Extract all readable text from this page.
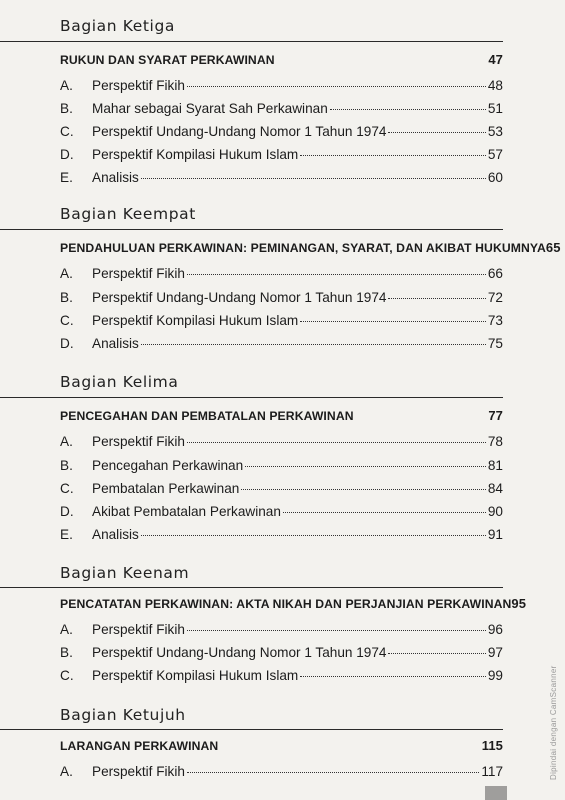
Bagian Ketiga
RUKUN DAN SYARAT PERKAWINAN	47
A.	Perspektif Fikih	48
B.	Mahar sebagai Syarat Sah Perkawinan	51
C.	Perspektif Undang-Undang Nomor 1 Tahun 1974	53
D.	Perspektif Kompilasi Hukum Islam	57
E.	Analisis	60
Bagian Keempat
PENDAHULUAN PERKAWINAN: PEMINANGAN, SYARAT, DAN AKIBAT HUKUMNYA 65
A.	Perspektif Fikih	66
B.	Perspektif Undang-Undang Nomor 1 Tahun 1974	72
C.	Perspektif Kompilasi Hukum Islam	73
D.	Analisis	75
Bagian Kelima
PENCEGAHAN DAN PEMBATALAN PERKAWINAN	77
A.	Perspektif Fikih	78
B.	Pencegahan Perkawinan	81
C.	Pembatalan Perkawinan	84
D.	Akibat Pembatalan Perkawinan	90
E.	Analisis	91
Bagian Keenam
PENCATATAN PERKAWINAN: AKTA NIKAH DAN PERJANJIAN PERKAWINAN 95
A.	Perspektif Fikih	96
B.	Perspektif Undang-Undang Nomor 1 Tahun 1974	97
C.	Perspektif Kompilasi Hukum Islam	99
Bagian Ketujuh
LARANGAN PERKAWINAN	115
A.	Perspektif Fikih	117	Dipindai dengan CamScanner
